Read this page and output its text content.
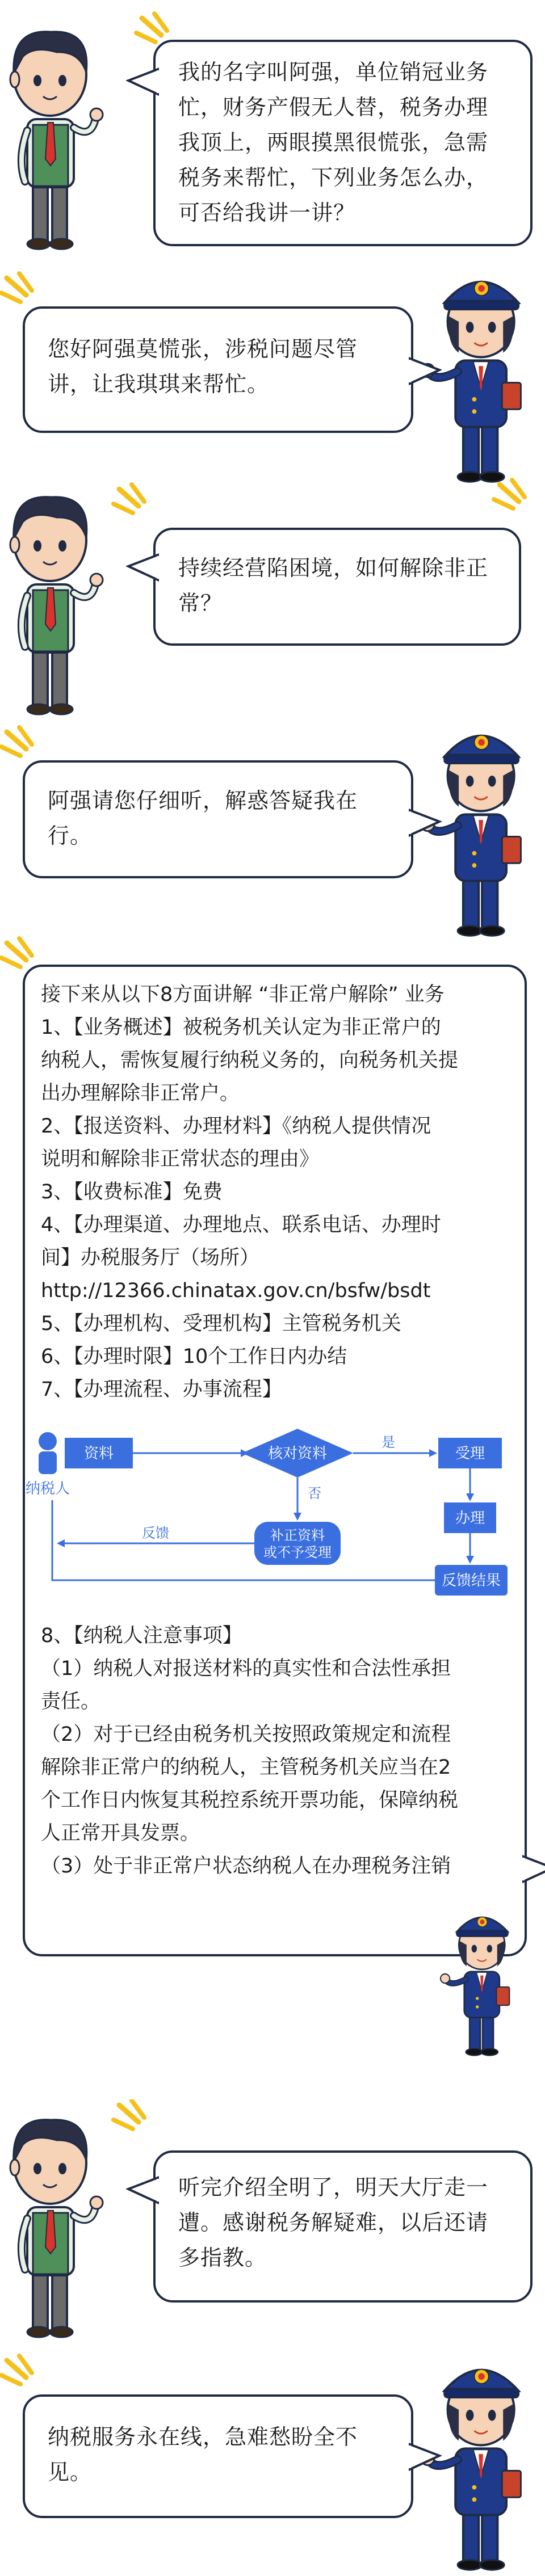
我的名字叫阿强，单位销冠业务
忙，财务产假无人替，税务办理
我顶上，两眼摸黑很慌张，急需
税务来帮忙，下列业务怎么办，
可否给我讲一讲？
您好阿强莫慌张，涉税问题尽管
讲，让我琪琪来帮忙。
持续经营陷困境，如何解除非正
常？
阿强请您仔细听，解惑答疑我在
行。
接下来从以下8方面讲解 “非正常户解除” 业务
1、【业务概述】被税务机关认定为非正常户的
纳税人，需恢复履行纳税义务的，向税务机关提
出办理解除非正常户。
2、【报送资料、办理材料】《纳税人提供情况
说明和解除非正常状态的理由》
3、【收费标准】免费
4、【办理渠道、办理地点、联系电话、办理时
间】办税服务厅（场所）
http://12366.chinatax.gov.cn/bsfw/bsdt
5、【办理机构、受理机构】主管税务机关
6、【办理时限】10个工作日内办结
7、【办理流程、办事流程】
纳税人
资料	核对资料
是
受理
办理
反馈结果
否
补正资料
或不予受理
反馈
8、【纳税人注意事项】
（1）纳税人对报送材料的真实性和合法性承担
责任。
（2）对于已经由税务机关按照政策规定和流程
解除非正常户的纳税人，主管税务机关应当在2
个工作日内恢复其税控系统开票功能，保障纳税
人正常开具发票。
（3）处于非正常户状态纳税人在办理税务注销
听完介绍全明了，明天大厅走一
遭。感谢税务解疑难，以后还请
多指教。
纳税服务永在线，急难愁盼全不
见。
